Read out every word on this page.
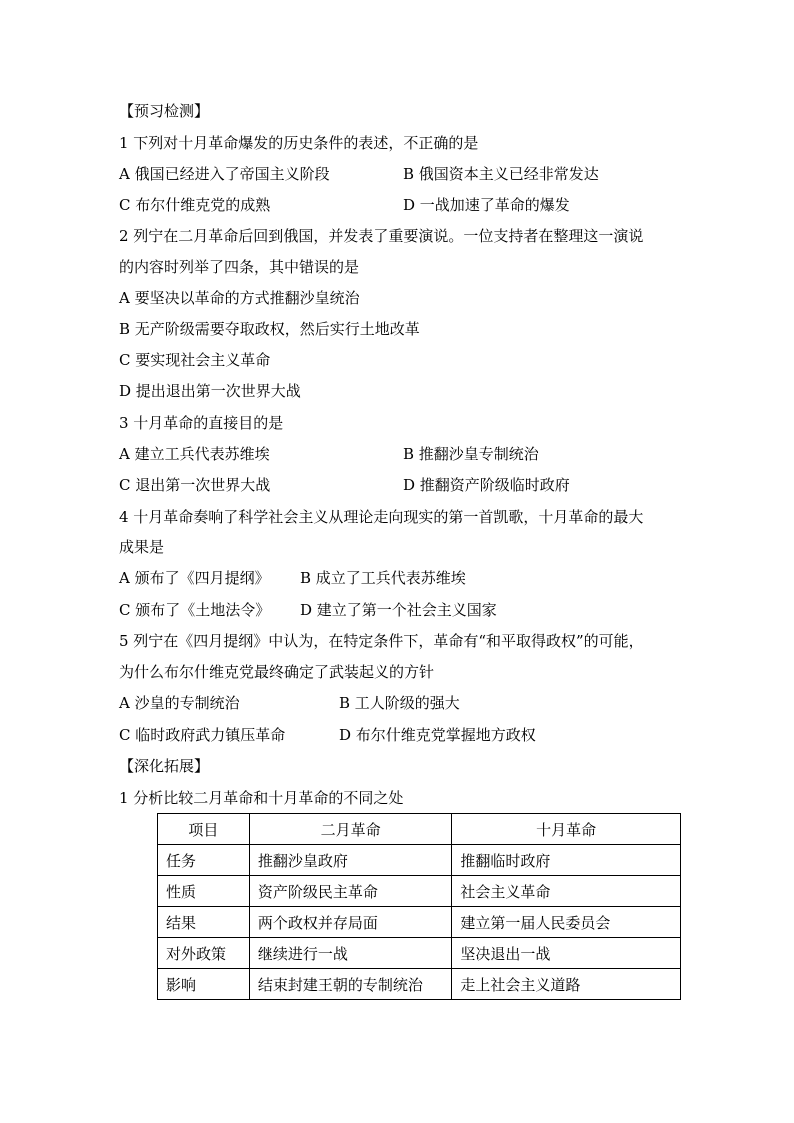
【预习检测】
1 下列对十月革命爆发的历史条件的表述，不正确的是
A 俄国已经进入了帝国主义阶段	B 俄国资本主义已经非常发达
C 布尔什维克党的成熟	D 一战加速了革命的爆发
2 列宁在二月革命后回到俄国，并发表了重要演说。一位支持者在整理这一演说
的内容时列举了四条，其中错误的是
A 要坚决以革命的方式推翻沙皇统治
B 无产阶级需要夺取政权，然后实行土地改革
C 要实现社会主义革命
D 提出退出第一次世界大战
3 十月革命的直接目的是
A 建立工兵代表苏维埃	B 推翻沙皇专制统治
C 退出第一次世界大战	D 推翻资产阶级临时政府
4 十月革命奏响了科学社会主义从理论走向现实的第一首凯歌，十月革命的最大
成果是
A 颁布了《四月提纲》 B 成立了工兵代表苏维埃
C 颁布了《土地法令》 D 建立了第一个社会主义国家
5 列宁在《四月提纲》中认为，在特定条件下，革命有“和平取得政权”的可能，
为什么布尔什维克党最终确定了武装起义的方针
A 沙皇的专制统治	B 工人阶级的强大
C 临时政府武力镇压革命	D 布尔什维克党掌握地方政权
【深化拓展】
1 分析比较二月革命和十月革命的不同之处
项目	二月革命	十月革命
任务	推翻沙皇政府	推翻临时政府
性质	资产阶级民主革命	社会主义革命
结果	两个政权并存局面	建立第一届人民委员会
对外政策	继续进行一战	坚决退出一战
影响	结束封建王朝的专制统治	走上社会主义道路
